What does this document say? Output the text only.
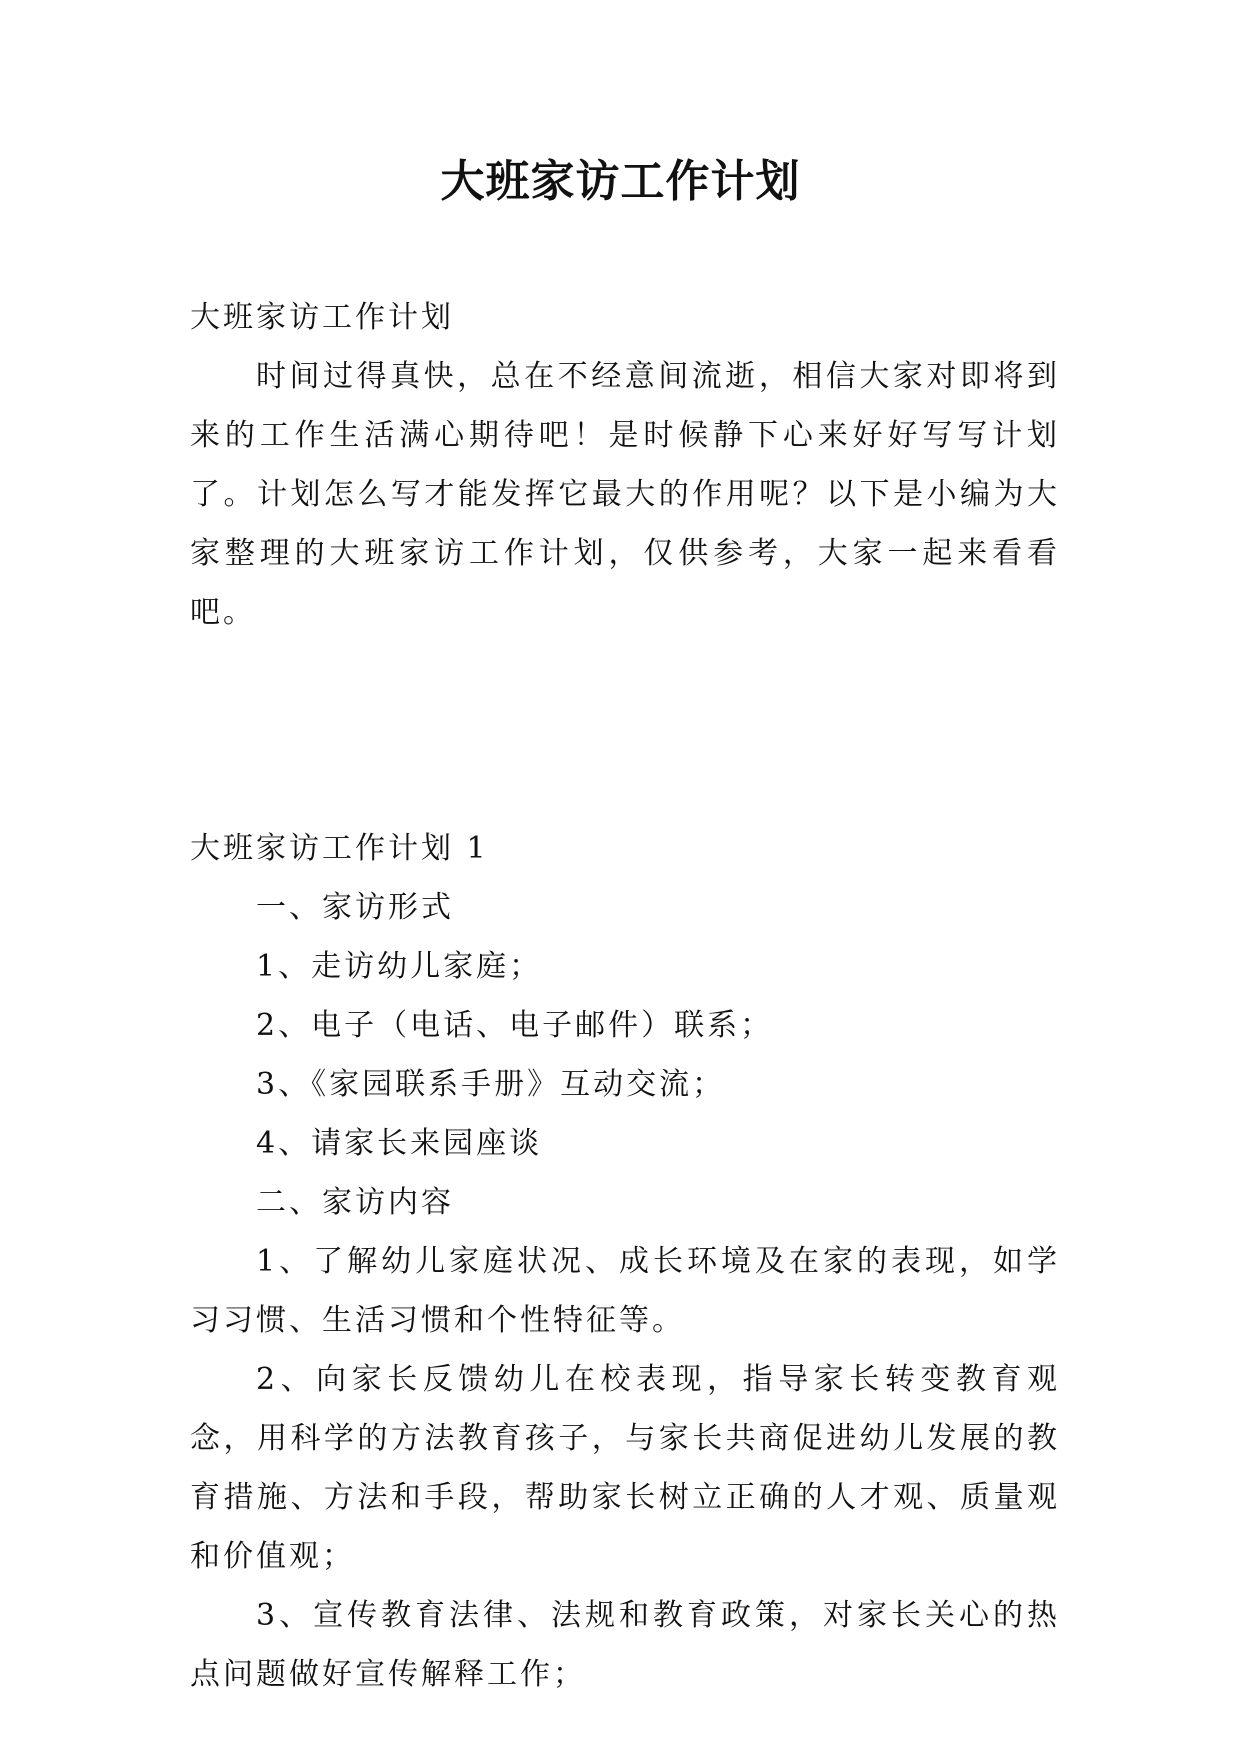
大班家访工作计划

大班家访工作计划

时间过得真快，总在不经意间流逝，相信大家对即将到来的工作生活满心期待吧！是时候静下心来好好写写计划了。计划怎么写才能发挥它最大的作用呢？以下是小编为大家整理的大班家访工作计划，仅供参考，大家一起来看看吧。

大班家访工作计划 1

一、家访形式

1、走访幼儿家庭；

2、电子（电话、电子邮件）联系；

3、《家园联系手册》互动交流；

4、请家长来园座谈

二、家访内容

1、了解幼儿家庭状况、成长环境及在家的表现，如学习习惯、生活习惯和个性特征等。

2、向家长反馈幼儿在校表现，指导家长转变教育观念，用科学的方法教育孩子，与家长共商促进幼儿发展的教育措施、方法和手段，帮助家长树立正确的人才观、质量观和价值观；

3、宣传教育法律、法规和教育政策，对家长关心的热点问题做好宣传解释工作；
